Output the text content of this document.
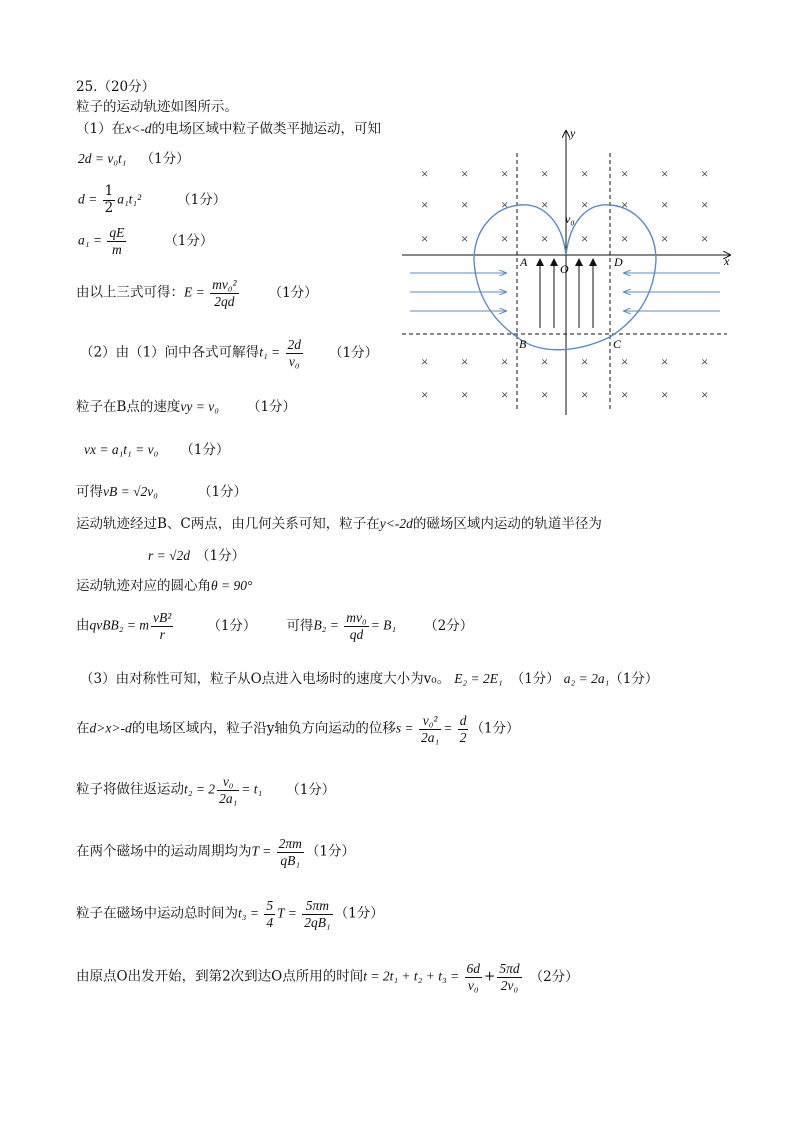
25.（20分）
粒子的运动轨迹如图所示。
（1）在x<-d的电场区域中粒子做类平抛运动，可知
2d = v₀t₁ （1分）
$d = \frac{1}{2} a_1t_1^2$	（1分）
$a_1 = \frac{qE}{m}$	（1分）
由以上三式可得：$E = \frac{\text{mv₀²}}{2qd} (1$分）
（2）由（1）问中各式可解得$t_1 = \frac{2d}{\text{v₀}} (1$分）
粒子在B点的速度vy = v₀ （1分）
vx = a₁t₁ = v₀ （1分）
可得vB = √2v₀	（1分）
运动轨迹经过B、C两点，由几何关系可知，粒子在y<-2d的磁场区域内运动的轨道半径为
r = √2d （1分）
运动轨迹对应的圆心角θ = 90°
由qvBB₂ = m $\frac{\text{vB²}}{r}$	（1分） 可得$B_2 = \frac{\text{mv₀}}{qd} = B_1$ （2分）
（3）由对称性可知，粒子从O点进入电场时的速度大小为v₀。 E₂ = 2E₁ （1分） a₂ = 2a₁（1分）
在d>x>-d的电场区域内，粒子沿y轴负方向运动的位移$s = \frac{\text{v₀²}}{\text{2a₁}} = \frac{d}{2} (1$分）
粒子将做往返运动$t_2 = 2 \frac{\text{v₀}}{\text{2a₁}} = t_1$ （1分）
在两个磁场中的运动周期均为$T = \frac{2\pi m}{\text{qB₁}} (1$分）
粒子在磁场中运动总时间为$t_3 = \frac{5}{4}$ $T = \frac{5\pi m}{\text{2qB₁}} (1$分）
由原点O出发开始，到第2次到达O点所用的时间$t = 2t_1 + t_2 + t_3 = \frac{6d}{\text{v₀}} + \frac{5\pi d}{\text{2v₀}} (2$分）
×	×	×	×	×	×	×	×
×	×	×	×	×	×	×	×
×	×	×	×	×	×	×	×
×	×	×	×	×	×	×	×
×	×	×	×	×	×	×	×
O
A	D
B	C
v₀
y
x
